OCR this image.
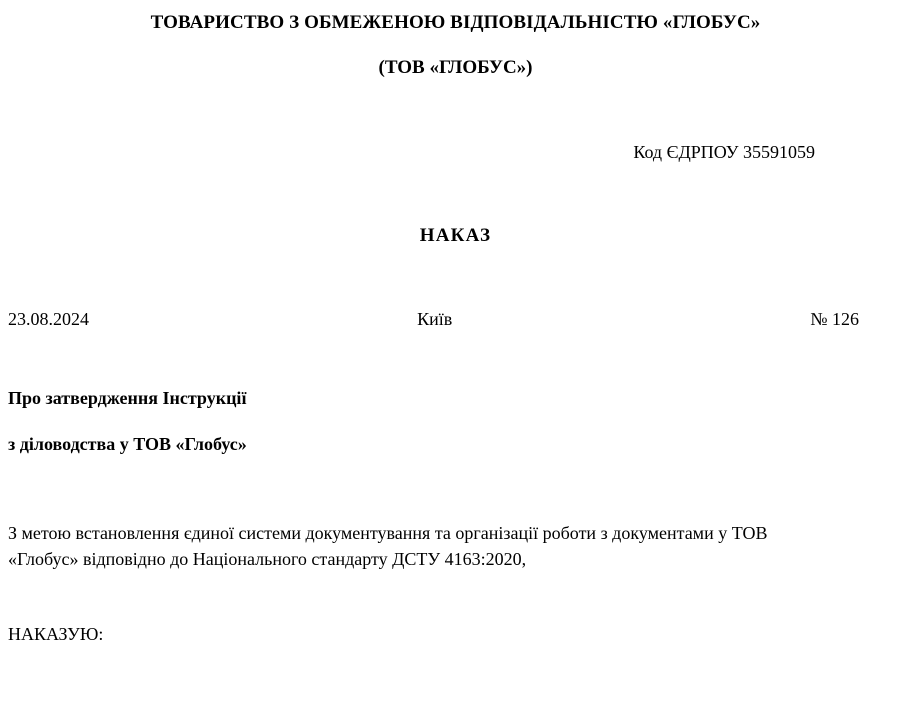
ТОВАРИСТВО З ОБМЕЖЕНОЮ ВІДПОВІДАЛЬНІСТЮ «ГЛОБУС»
(ТОВ «ГЛОБУС»)
Код ЄДРПОУ 35591059
НАКАЗ
23.08.2024	Київ	№ 126
Про затвердження Інструкції
з діловодства у ТОВ «Глобус»
З метою встановлення єдиної системи документування та організації роботи з документами у ТОВ «Глобус» відповідно до Національного стандарту ДСТУ 4163:2020,
НАКАЗУЮ:
